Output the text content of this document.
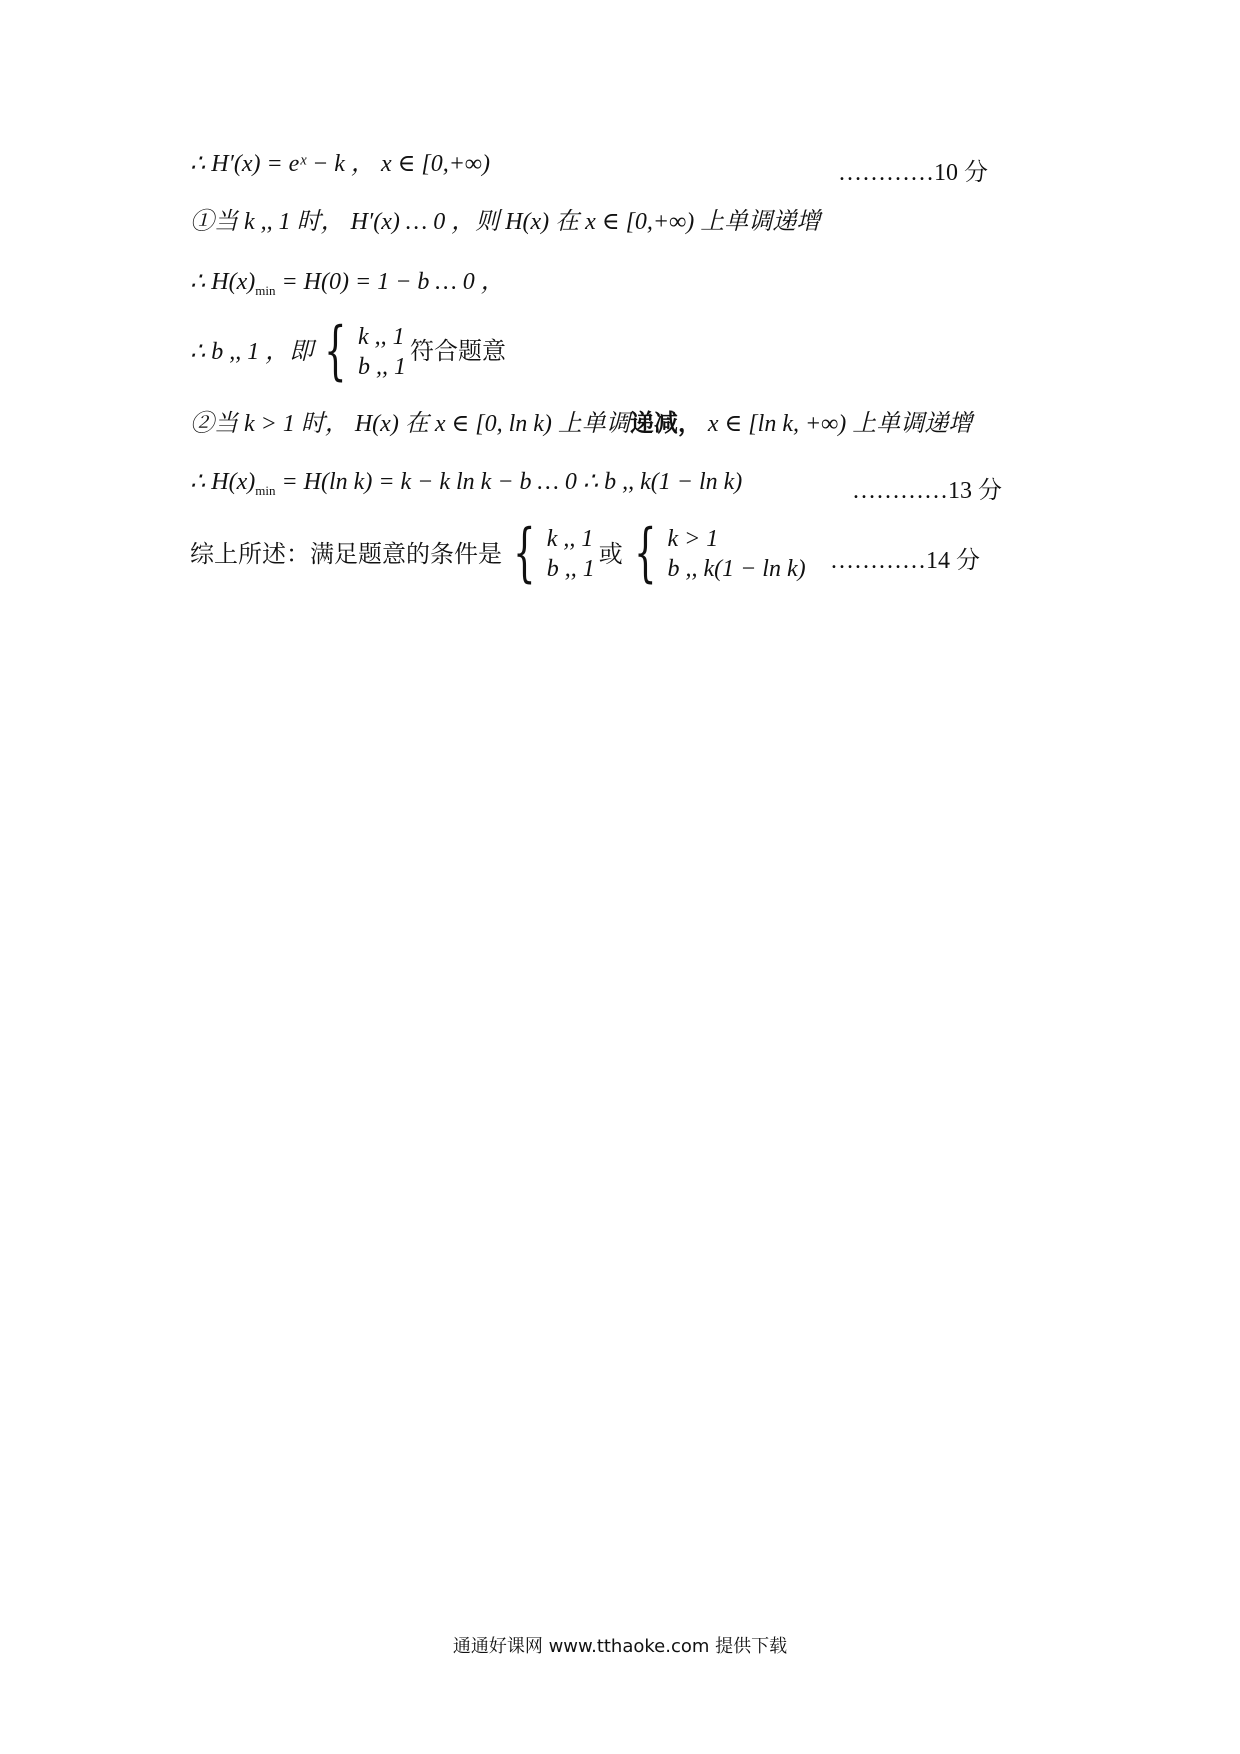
∴ H′(x) = eˣ − k ， x ∈ [0,+∞)	…………10 分
①当 k ,, 1 时， H′(x) … 0 ，则 H(x) 在 x ∈ [0,+∞) 上单调递增
∴ $H(x)_{min} = H(0) = 1 - b$ … 0 ，
∴ b ,, 1 ，即 { k ,, 1
b ,, 1
符合题意
②当 k > 1 时， H(x) 在 x ∈ [0, ln k) 上单调递减， x ∈ [ln k, +∞) 上单调递增
∴ $H(x)_{min} = H(\ln$ k) = k − k ln k − b … 0 ∴ b ,, k(1 − ln k)	…………13 分
综上所述：满足题意的条件是 { k ,, 1
b ,, 1
或 { k > 1
b ,, k(1 − ln k) …………14 分
通通好课网 www.tthaoke.com 提供下载
